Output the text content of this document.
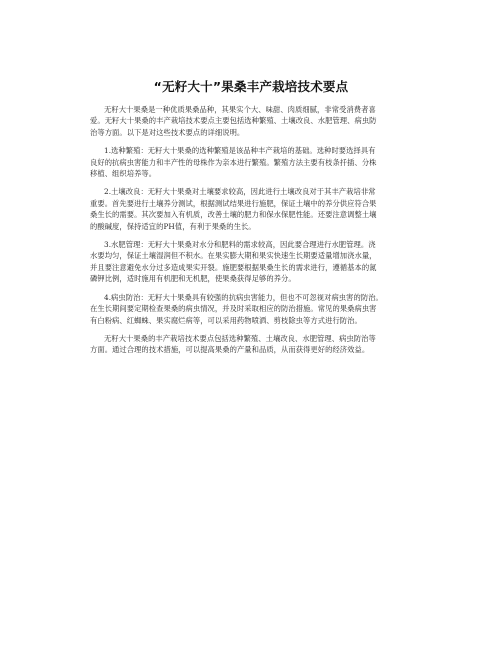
“无籽大十”果桑丰产栽培技术要点

无籽大十果桑是一种优质果桑品种，其果实个大、味甜、肉质细腻，非常受消费者喜
爱。无籽大十果桑的丰产栽培技术要点主要包括选种繁殖、土壤改良、水肥管理、病虫防
治等方面。以下是对这些技术要点的详细说明。

1.选种繁殖：无籽大十果桑的选种繁殖是该品种丰产栽培的基础。选种时要选择具有
良好的抗病虫害能力和丰产性的母株作为亲本进行繁殖。繁殖方法主要有枝条扦插、分株
移植、组织培养等。

2.土壤改良：无籽大十果桑对土壤要求较高，因此进行土壤改良对于其丰产栽培非常
重要。首先要进行土壤养分测试，根据测试结果进行施肥，保证土壤中的养分供应符合果
桑生长的需要。其次要加入有机质，改善土壤的肥力和保水保肥性能。还要注意调整土壤
的酸碱度，保持适宜的PH值，有利于果桑的生长。

3.水肥管理：无籽大十果桑对水分和肥料的需求较高，因此要合理进行水肥管理。浇
水要均匀，保证土壤湿润但不积水。在果实膨大期和果实快速生长期要适量增加浇水量，
并且要注意避免水分过多造成果实开裂。施肥要根据果桑生长的需求进行，遵循基本的氮
磷钾比例，适时施用有机肥和无机肥，使果桑获得足够的养分。

4.病虫防治：无籽大十果桑具有较强的抗病虫害能力，但也不可忽视对病虫害的防治。
在生长期间要定期检查果桑的病虫情况，并及时采取相应的防治措施。常见的果桑病虫害
有白粉病、红蜘蛛、果实腐烂病等，可以采用药物喷洒、剪枝除虫等方式进行防治。

无籽大十果桑的丰产栽培技术要点包括选种繁殖、土壤改良、水肥管理、病虫防治等
方面。通过合理的技术措施，可以提高果桑的产量和品质，从而获得更好的经济效益。
